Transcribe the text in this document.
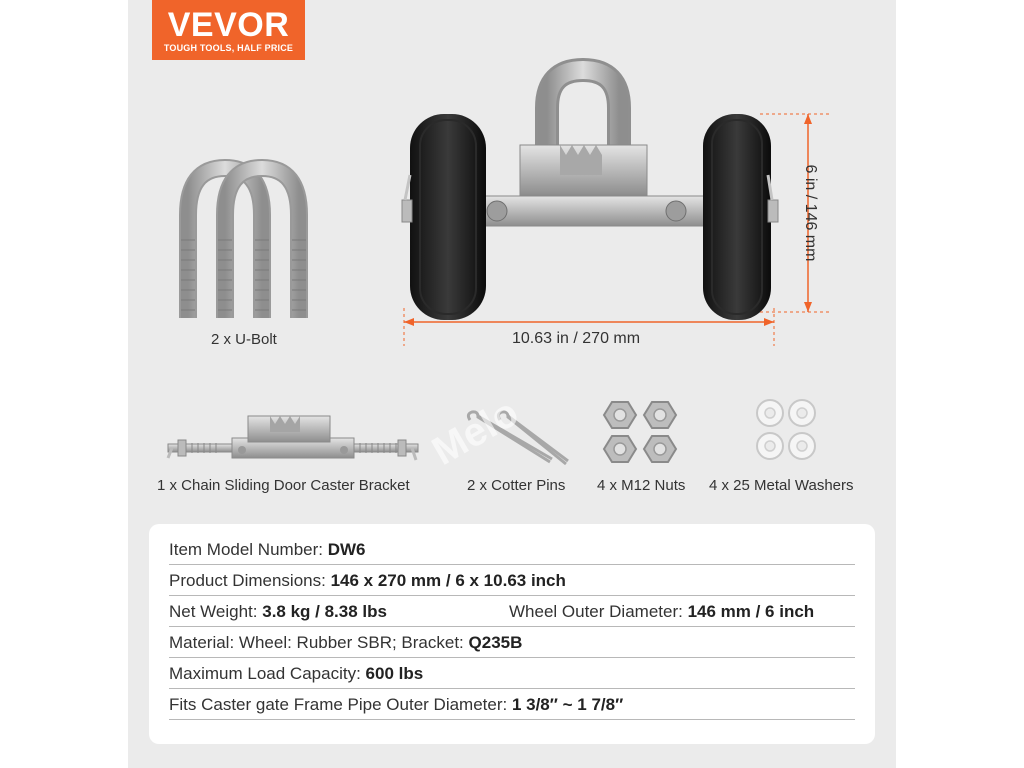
VEVOR
TOUGH TOOLS, HALF PRICE
Melo
10.63 in / 270 mm
6 in / 146 mm
2 x U-Bolt
1 x Chain Sliding Door Caster Bracket	2 x Cotter Pins 4 x M12 Nuts 4 x 25 Metal Washers
Item Model Number: DW6
Product Dimensions: 146 x 270 mm / 6 x 10.63 inch
Net Weight: 3.8 kg / 8.38 lbs	Wheel Outer Diameter: 146 mm / 6 inch
Material: Wheel: Rubber SBR; Bracket: Q235B
Maximum Load Capacity: 600 lbs
Fits Caster gate Frame Pipe Outer Diameter: 1 3/8″ ~ 1 7/8″
